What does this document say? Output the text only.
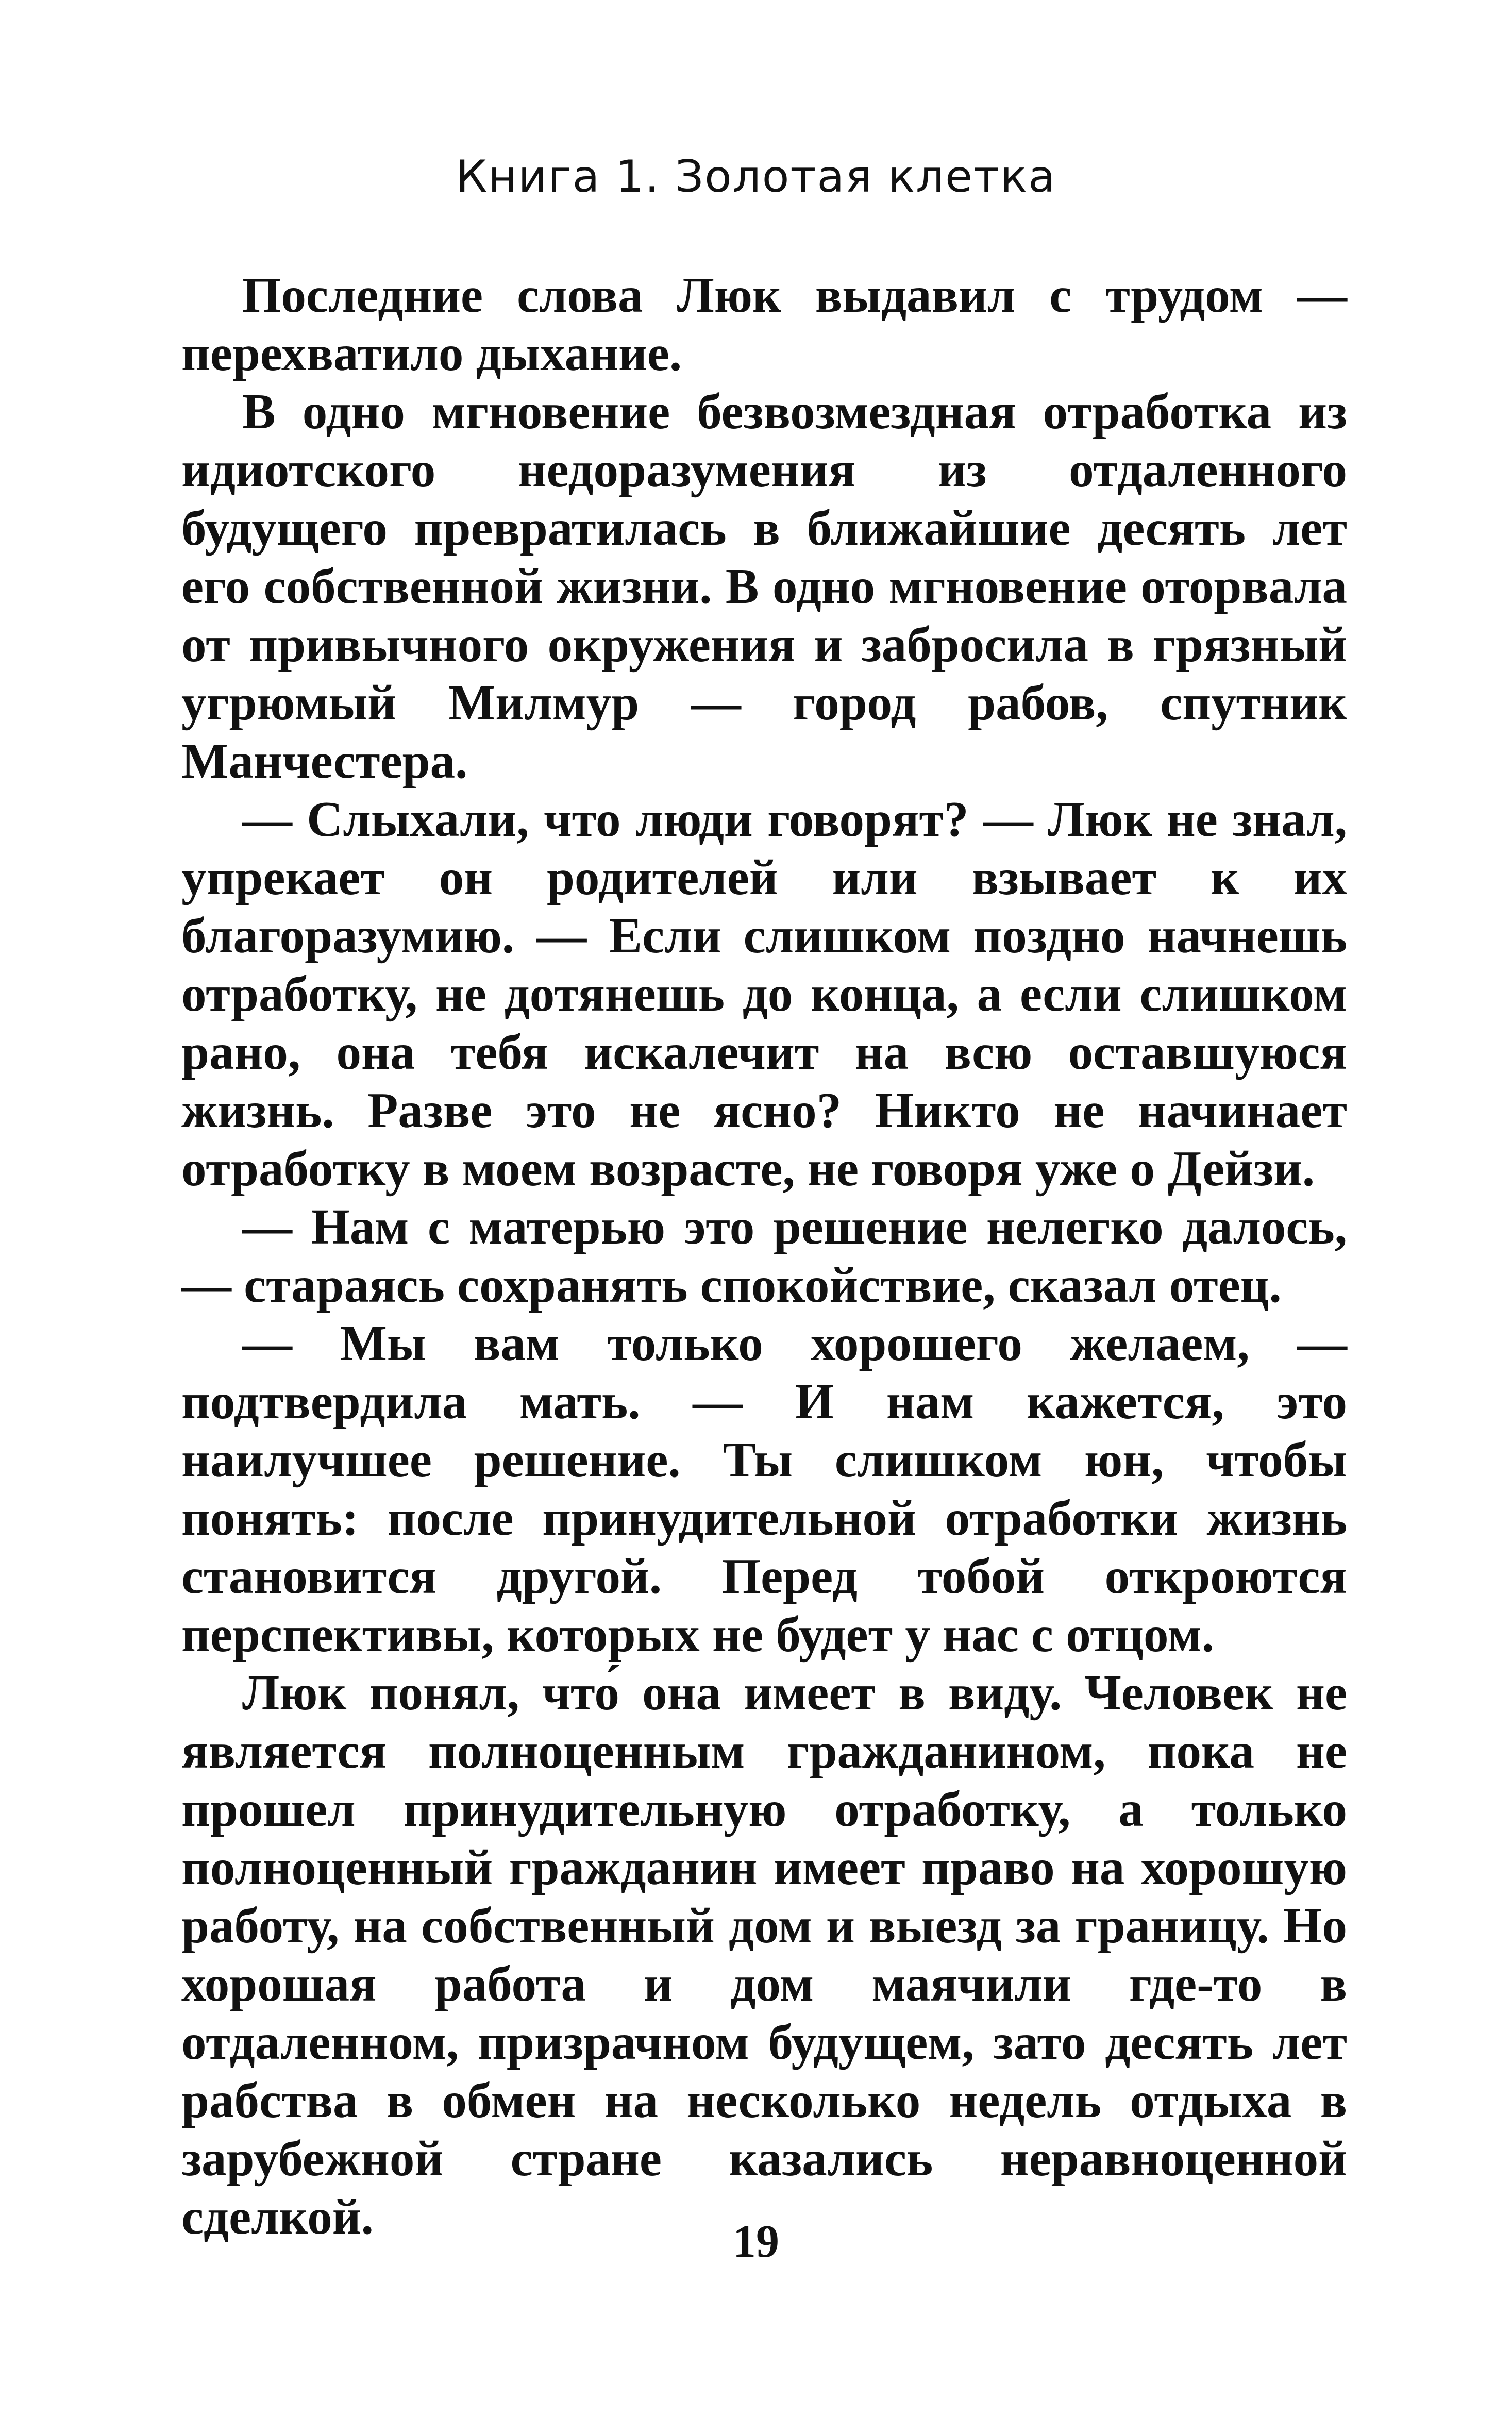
Книга 1. Золотая клетка

Последние слова Люк выдавил с трудом — перехватило дыхание.

В одно мгновение безвозмездная отработка из идиотского недоразумения из отдаленного будущего превратилась в ближайшие десять лет его собственной жизни. В одно мгновение оторвала от привычного окружения и забросила в грязный угрюмый Милмур — город рабов, спутник Манчестера.

— Слыхали, что люди говорят? — Люк не знал, упрекает он родителей или взывает к их благоразумию. — Если слишком поздно начнешь отработку, не дотянешь до конца, а если слишком рано, она тебя искалечит на всю оставшуюся жизнь. Разве это не ясно? Никто не начинает отработку в моем возрасте, не говоря уже о Дейзи.

— Нам с матерью это решение нелегко далось, — стараясь сохранять спокойствие, сказал отец.

— Мы вам только хорошего желаем, — подтвердила мать. — И нам кажется, это наилучшее решение. Ты слишком юн, чтобы понять: после принудительной отработки жизнь становится другой. Перед тобой откроются перспективы, которых не будет у нас с отцом.

Люк понял, что́ она имеет в виду. Человек не является полноценным гражданином, пока не прошел принудительную отработку, а только полноценный гражданин имеет право на хорошую работу, на собственный дом и выезд за границу. Но хорошая работа и дом маячили где-то в отдаленном, призрачном будущем, зато десять лет рабства в обмен на несколько недель отдыха в зарубежной стране казались неравноценной сделкой.	19
